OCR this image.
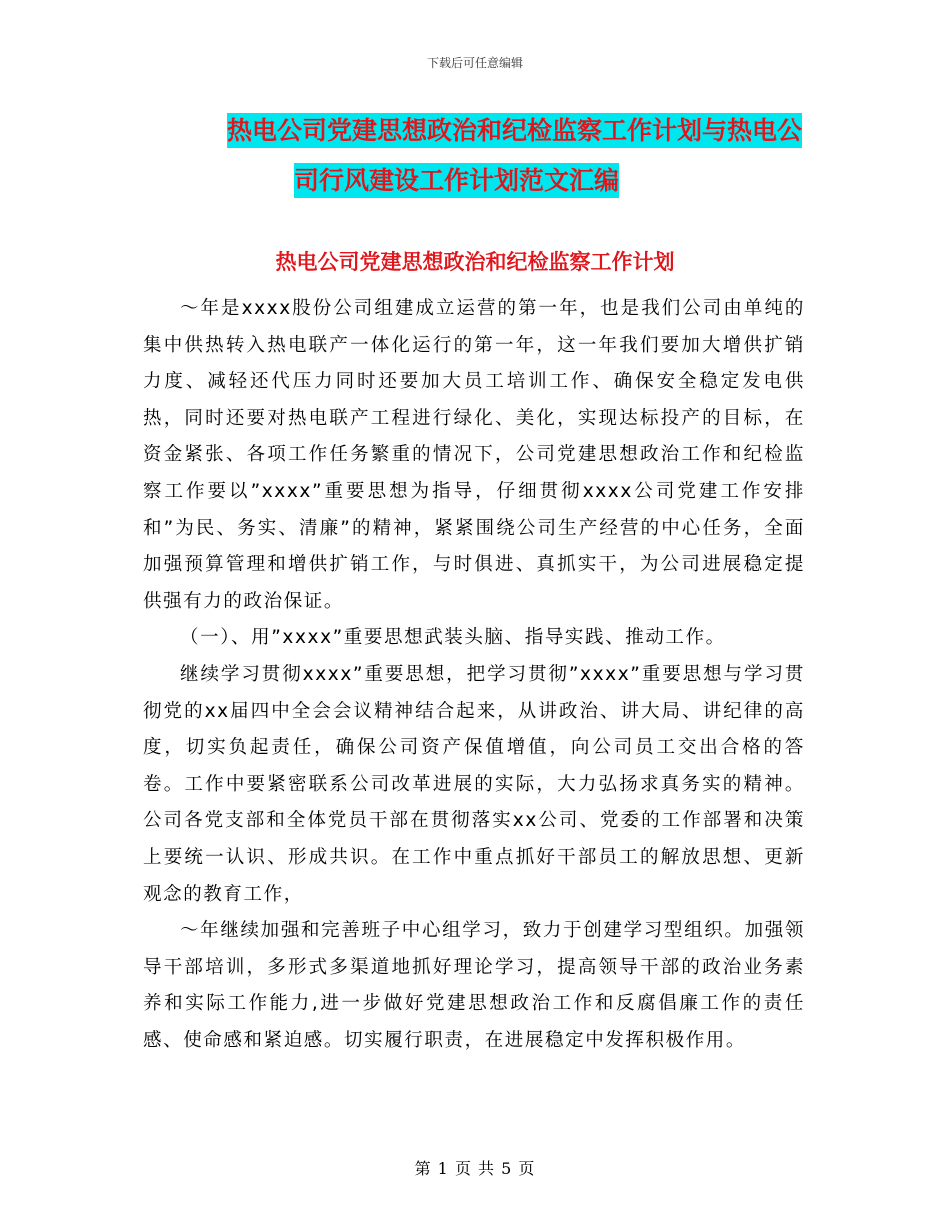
下载后可任意编辑
热电公司党建思想政治和纪检监察工作计划与热电公
司行风建设工作计划范文汇编
热电公司党建思想政治和纪检监察工作计划

～年是xxxx股份公司组建成立运营的第一年，也是我们公司由单纯的集中供热转入热电联产一体化运行的第一年，这一年我们要加大增供扩销力度、减轻还代压力同时还要加大员工培训工作、确保安全稳定发电供热，同时还要对热电联产工程进行绿化、美化，实现达标投产的目标，在资金紧张、各项工作任务繁重的情况下，公司党建思想政治工作和纪检监察工作要以”xxxx”重要思想为指导，仔细贯彻xxxx公司党建工作安排和”为民、务实、清廉”的精神，紧紧围绕公司生产经营的中心任务，全面加强预算管理和增供扩销工作，与时俱进、真抓实干，为公司进展稳定提供强有力的政治保证。

（一）、用”xxxx”重要思想武装头脑、指导实践、推动工作。

继续学习贯彻xxxx”重要思想，把学习贯彻”xxxx”重要思想与学习贯彻党的xx届四中全会会议精神结合起来，从讲政治、讲大局、讲纪律的高度，切实负起责任，确保公司资产保值增值，向公司员工交出合格的答卷。工作中要紧密联系公司改革进展的实际，大力弘扬求真务实的精神。公司各党支部和全体党员干部在贯彻落实xx公司、党委的工作部署和决策上要统一认识、形成共识。在工作中重点抓好干部员工的解放思想、更新观念的教育工作，

～年继续加强和完善班子中心组学习，致力于创建学习型组织。加强领导干部培训，多形式多渠道地抓好理论学习，提高领导干部的政治业务素养和实际工作能力,进一步做好党建思想政治工作和反腐倡廉工作的责任感、使命感和紧迫感。切实履行职责，在进展稳定中发挥积极作用。

第 1 页 共 5 页
